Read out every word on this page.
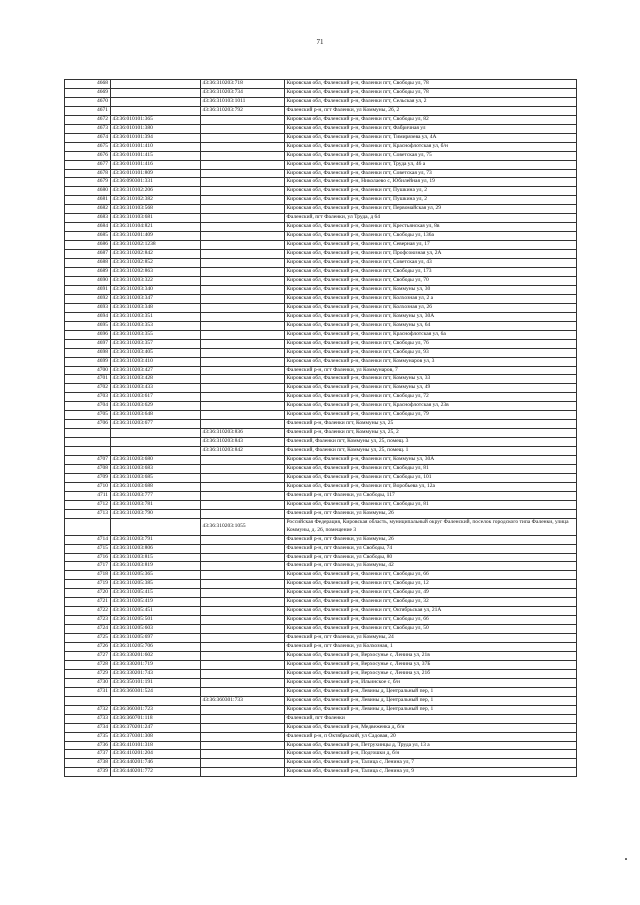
71
4668		43:36:310203:718	Кировская обл, Фаленский р-н, Фаленки пгт, Свободы ул, 78
4669		43:36:310203:734	Кировская обл, Фаленский р-н, Фаленки пгт, Свободы ул, 78
4670		43:36:310103:1011	Кировская обл, Фаленский р-н, Фаленки пгт, Сельская ул, 2
4671		43:36:310203:792	Фаленский р-н, пгт Фаленки, ул Коммуны, 26, 2
4672	43:36:010101:365		Кировская обл, Фаленский р-н, Фаленки пгт, Свободы ул, 82
4673	43:36:010101:380		Кировская обл, Фаленский р-н, Фаленки пгт, Фабричная ул
4674	43:36:010101:394		Кировская обл, Фаленский р-н, Фаленки пгт, Тимирязева ул, 4А
4675	43:36:010101:410		Кировская обл, Фаленский р-н, Фаленки пгт, Краснофлотская ул, б/н
4676	43:36:010101:415		Кировская обл, Фаленский р-н, Фаленки пгт, Советская ул, 75
4677	43:36:010101:416		Кировская обл, Фаленский р-н, Фаленки пгт, Труда ул, 46 а
4678	43:36:010101:809		Кировская обл, Фаленский р-н, Фаленки пгт, Советская ул, 73
4679	43:36:090301:331		Кировская обл, Фаленский р-н, Николаево с, Юбилейная ул, 19
4680	43:36:310102:206		Кировская обл, Фаленский р-н, Фаленки пгт, Пушкина ул, 2
4681	43:36:310102:382		Кировская обл, Фаленский р-н, Фаленки пгт, Пушкина ул, 2
4682	43:36:310103:568		Кировская обл, Фаленский р-н, Фаленки пгт, Первомайская ул, 29
4683	43:36:310103:681		Фаленский, пгт Фаленки, ул Труда, д 64
4684	43:36:310104:821		Кировская обл, Фаленский р-н, Фаленки пгт, Крестьянская ул, 8в
4685	43:36:310201:409		Кировская обл, Фаленский р-н, Фаленки пгт, Свободы ул, 136а
4686	43:36:310202:1238		Кировская обл, Фаленский р-н, Фаленки пгт, Северная ул, 17
4687	43:36:310202:842		Кировская обл, Фаленский р-н, Фаленки пгт, Профсоюзная ул, 2А
4688	43:36:310202:852		Кировская обл, Фаленский р-н, Фаленки пгт, Советская ул, 43
4689	43:36:310202:863		Кировская обл, Фаленский р-н, Фаленки пгт, Свободы ул, 173
4690	43:36:310203:322		Кировская обл, Фаленский р-н, Фаленки пгт, Свободы ул, 70
4691	43:36:310203:340		Кировская обл, Фаленский р-н, Фаленки пгт, Коммуны ул, 30
4692	43:36:310203:347		Кировская обл, Фаленский р-н, Фаленки пгт, Колхозная ул, 2 а
4693	43:36:310203:348		Кировская обл, Фаленский р-н, Фаленки пгт, Колхозная ул, 26
4694	43:36:310203:351		Кировская обл, Фаленский р-н, Фаленки пгт, Коммуны ул, 30А
4695	43:36:310203:353		Кировская обл, Фаленский р-н, Фаленки пгт, Коммуны ул, 64
4696	43:36:310203:355		Кировская обл, Фаленский р-н, Фаленки пгт, Краснофлотская ул, 6а
4697	43:36:310203:357		Кировская обл, Фаленский р-н, Фаленки пгт, Свободы ул, 76
4698	43:36:310203:405		Кировская обл, Фаленский р-н, Фаленки пгт, Свободы ул, 93
4699	43:36:310203:410		Кировская обл, Фаленский р-н, Фаленки пгт, Коммунаров ул, 3
4700	43:36:310203:427		Фаленский р-н, пгт Фаленки, ул Коммунаров, 7
4701	43:36:310203:428		Кировская обл, Фаленский р-н, Фаленки пгт, Коммуны ул, 33
4702	43:36:310203:433		Кировская обл, Фаленский р-н, Фаленки пгт, Коммуны ул, 49
4703	43:36:310203:617		Кировская обл, Фаленский р-н, Фаленки пгт, Свободы ул, 72
4704	43:36:310203:629		Кировская обл, Фаленский р-н, Фаленки пгт, Краснофлотская ул, 23в
4705	43:36:310203:648		Кировская обл, Фаленский р-н, Фаленки пгт, Свободы ул, 79
4706	43:36:310203:677		Фаленский р-н, Фаленки пгт, Коммуны ул, 25
		43:36:310203:836	Фаленский р-н, Фаленки пгт, Коммуны ул, 25, 2
		43:36:310203:843	Фаленский, Фаленки пгт, Коммуны ул, 25, помещ. 3
		43:36:310203:842	Фаленский, Фаленки пгт, Коммуны ул, 25, помещ. 1
4707	43:36:310203:680		Кировская обл, Фаленский р-н, Фаленки пгт, Коммуны ул, 30А
4708	43:36:310203:683		Кировская обл, Фаленский р-н, Фаленки пгт, Свободы ул, 81
4709	43:36:310203:685		Кировская обл, Фаленский р-н, Фаленки пгт, Свободы ул, 101
4710	43:36:310203:688		Кировская обл, Фаленский р-н, Фаленки пгт, Воробьева ул, 12а
4711	43:36:310203:777		Фаленский р-н, пгт Фаленки, ул Свободы, 117
4712	43:36:310203:781		Кировская обл, Фаленский р-н, Фаленки пгт, Свободы ул, 81
4713	43:36:310203:790		Фаленский р-н, пгт Фаленки, ул Коммуны, 26
		43:36:310203:1055	Российская Федерация, Кировская область, муниципальный округ Фаленский, поселок городского типа Фаленки, улица Коммуны, д. 26, помещение 3
4714	43:36:310203:791		Фаленский р-н, пгт Фаленки, ул Коммуны, 26
4715	43:36:310203:806		Фаленский р-н, пгт Фаленки, ул Свободы, 74
4716	43:36:310203:815		Фаленский р-н, пгт Фаленки, ул Свободы, 80
4717	43:36:310203:819		Фаленский р-н, пгт Фаленки, ул Коммуны, 42
4718	43:36:310205:365		Кировская обл, Фаленский р-н, Фаленки пгт, Свободы ул, 66
4719	43:36:310205:385		Кировская обл, Фаленский р-н, Фаленки пгт, Свободы ул, 12
4720	43:36:310205:415		Кировская обл, Фаленский р-н, Фаленки пгт, Свободы ул, 49
4721	43:36:310205:419		Кировская обл, Фаленский р-н, Фаленки пгт, Свободы ул, 32
4722	43:36:310205:451		Кировская обл, Фаленский р-н, Фаленки пгт, Октябрьская ул, 21А
4723	43:36:310205:501		Кировская обл, Фаленский р-н, Фаленки пгт, Свободы ул, 66
4724	43:36:310205:603		Кировская обл, Фаленский р-н, Фаленки пгт, Свободы ул, 50
4725	43:36:310205:697		Фаленский р-н, пгт Фаленки, ул Коммуны, 24
4726	43:36:310205:706		Фаленский р-н, пгт Фаленки, ул Колхозная, 1
4727	43:36:330201:602		Кировская обл, Фаленский р-н, Верхосунье с, Ленина ул, 21в
4728	43:36:330201:719		Кировская обл, Фаленский р-н, Верхосунье с, Ленина ул, 37Б
4729	43:36:330201:743		Кировская обл, Фаленский р-н, Верхосунье с, Ленина ул, 21б
4730	43:36:350101:191		Кировская обл, Фаленский р-н, Ильинское с, б/н
4731	43:36:360301:524		Кировская обл, Фаленский р-н, Левины д, Центральный пер, 1
		43:36:360301:733	Кировская обл, Фаленский р-н, Левины д, Центральный пер, 1
4732	43:36:360301:723		Кировская обл, Фаленский р-н, Левины д, Центральный пер, 1
4733	43:36:360701:118		Фаленский, пгт Фаленки
4734	43:36:370201:247		Кировская обл, Фаленский р-н, Медвеженка д, б/н
4735	43:36:370301:308		Фаленский р-н, п Октябрьский, ул Садовая, 20
4736	43:36:410101:318		Кировская обл, Фаленский р-н, Петрухинцы д, Труда ул, 13 а
4737	43:36:410201:204		Кировская обл, Фаленский р-н, Подгошки д, б/н
4738	43:36:440201:746		Кировская обл, Фаленский р-н, Талица с, Ленина ул, 7
4739	43:36:440201:772		Кировская обл, Фаленский р-н, Талица с, Ленина ул, 9
